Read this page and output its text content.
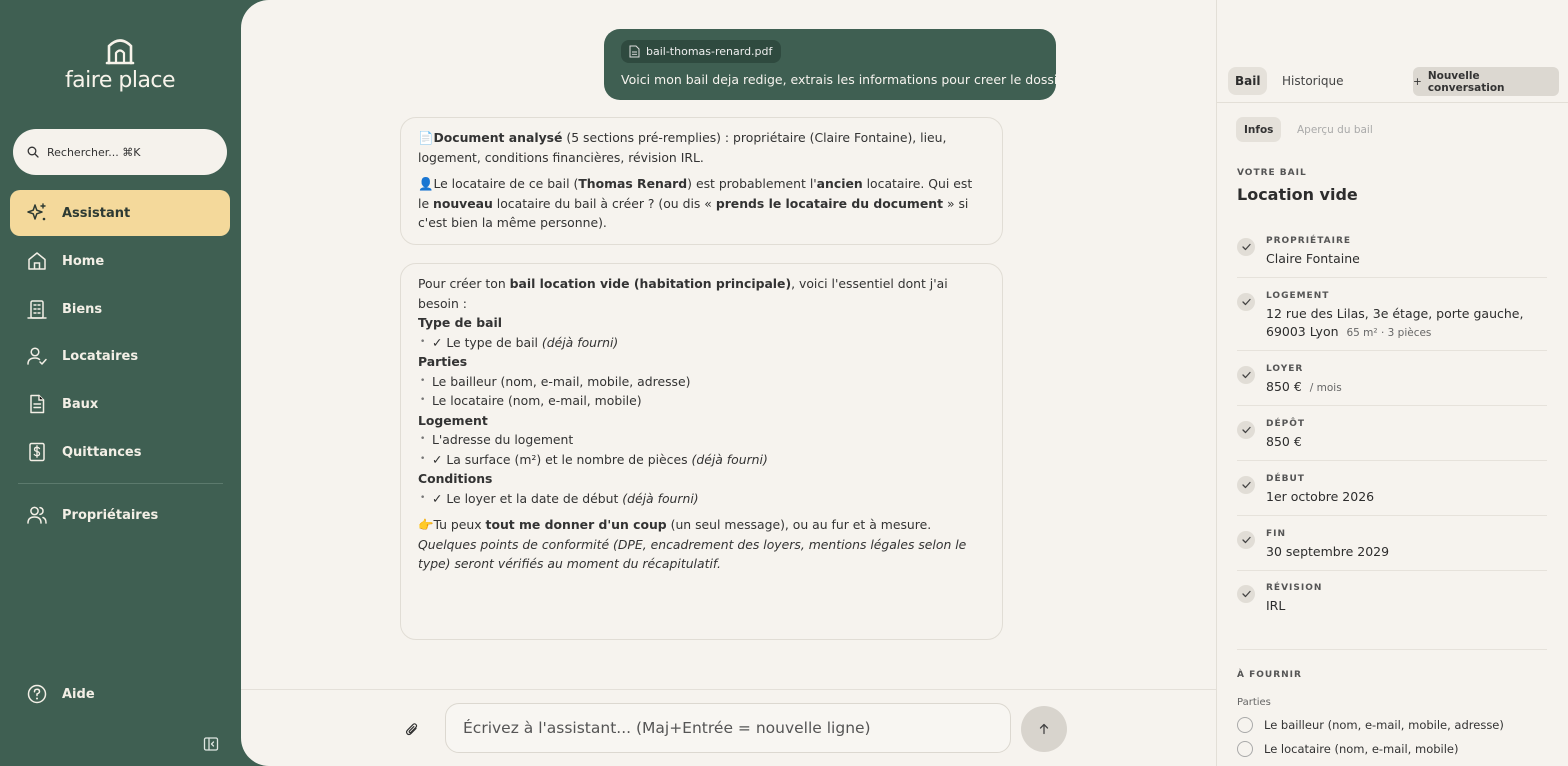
faire place
Rechercher... ⌘K
Assistant
Home
Biens
Locataires
Baux
Quittances
Propriétaires
Aide
bail-thomas-renard.pdf
Voici mon bail deja redige, extrais les informations pour creer le dossier.

📄Document analysé (5 sections pré-remplies) : propriétaire (Claire Fontaine), lieu, logement, conditions financières, révision IRL.

👤Le locataire de ce bail (Thomas Renard) est probablement l'ancien locataire. Qui est le nouveau locataire du bail à créer ? (ou dis « prends le locataire du document » si c'est bien la même personne).

Pour créer ton bail location vide (habitation principale), voici l'essentiel dont j'ai besoin :

Type de bail

• ✓ Le type de bail (déjà fourni)

Parties

• Le bailleur (nom, e-mail, mobile, adresse)

• Le locataire (nom, e-mail, mobile)

Logement

• L'adresse du logement

• ✓ La surface (m²) et le nombre de pièces (déjà fourni)

Conditions

• ✓ Le loyer et la date de début (déjà fourni)

👉Tu peux tout me donner d'un coup (un seul message), ou au fur et à mesure. Quelques points de conformité (DPE, encadrement des loyers, mentions légales selon le type) seront vérifiés au moment du récapitulatif.

Écrivez à l'assistant... (Maj+Entrée = nouvelle ligne)
Bail	Historique	+ Nouvelle conversation
Infos	Aperçu du bail
VOTRE BAIL
Location vide
PROPRIÉTAIRE
Claire Fontaine
LOGEMENT
12 rue des Lilas, 3e étage, porte gauche, 69003 Lyon 65 m² · 3 pièces
LOYER
850 € / mois
DÉPÔT
850 €
DÉBUT
1er octobre 2026
FIN
30 septembre 2029
RÉVISION
IRL
À FOURNIR
Parties
Le bailleur (nom, e-mail, mobile, adresse)
Le locataire (nom, e-mail, mobile)
